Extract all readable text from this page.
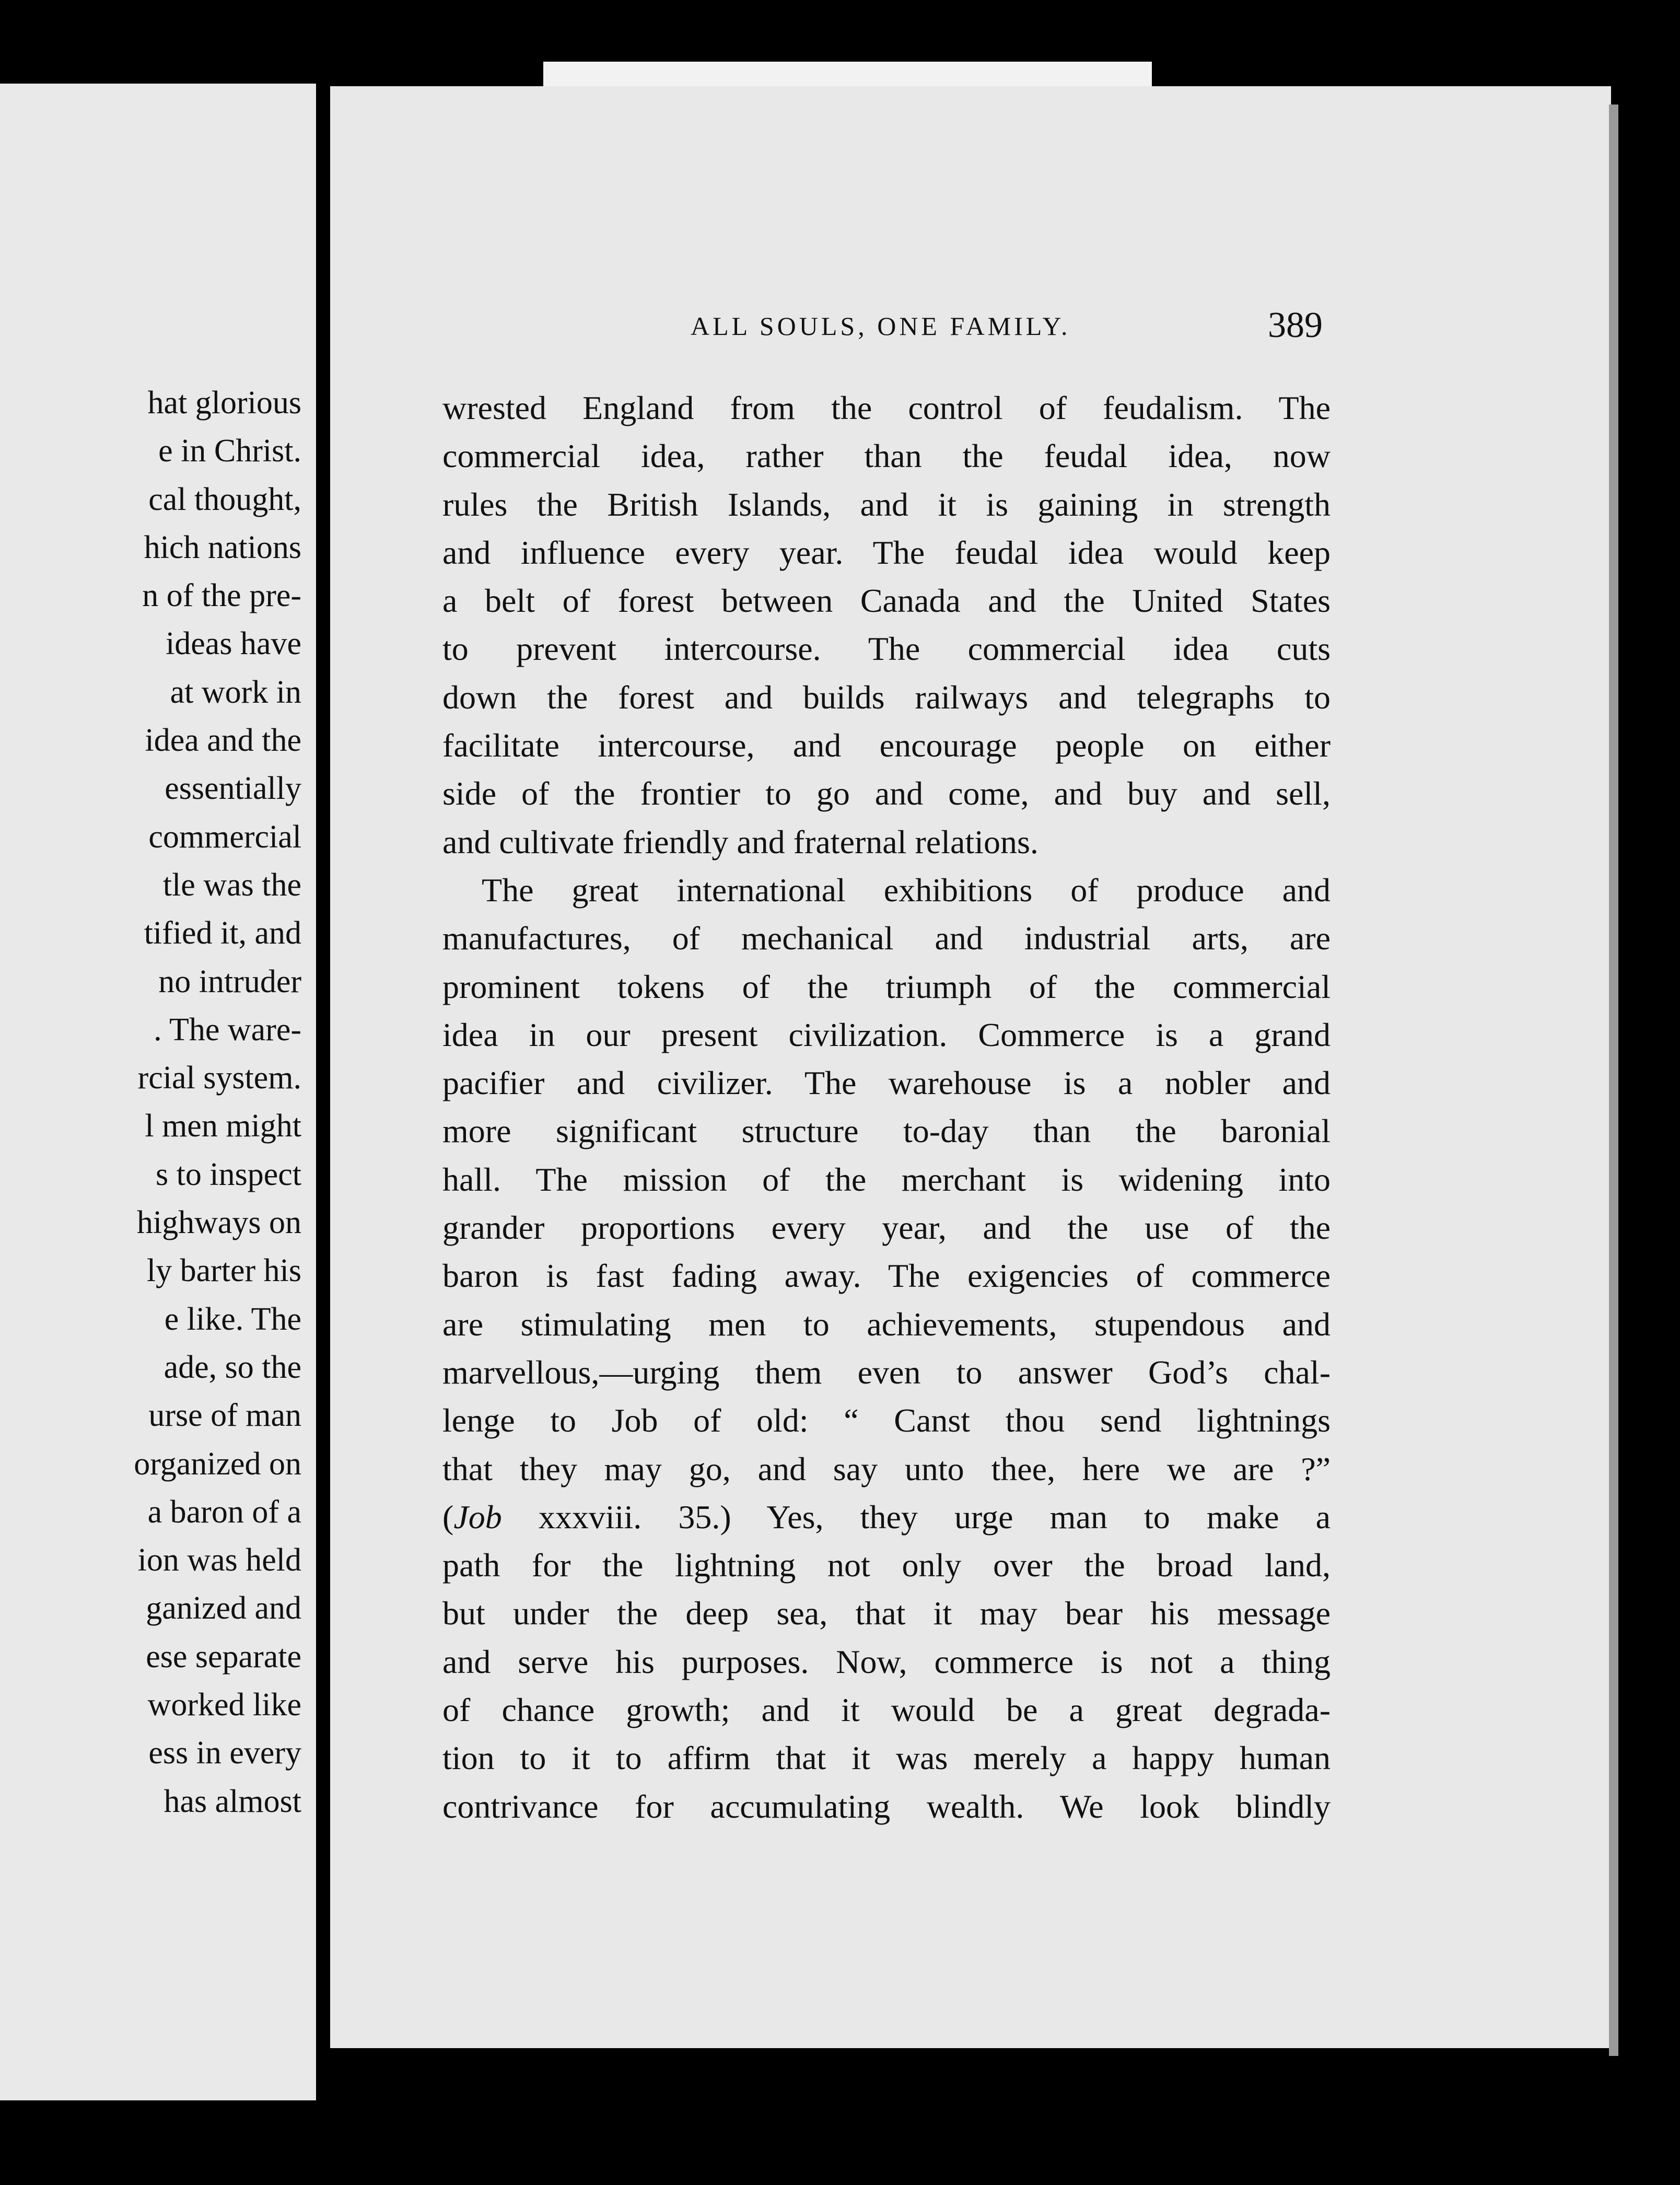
hat glorious
e in Christ.
cal thought,
hich nations
n of the pre-
ideas have
at work in
idea and the
essentially
commercial
tle was the
tified it, and
no intruder
. The ware-
rcial system.
l men might
s to inspect
highways on
ly barter his
e like. The
ade, so the
urse of man
organized on
a baron of a
ion was held
ganized and
ese separate
worked like
ess in every
has almost
ALL SOULS, ONE FAMILY.	389
wrested England from the control of feudalism. The
commercial idea, rather than the feudal idea, now
rules the British Islands, and it is gaining in strength
and influence every year. The feudal idea would keep
a belt of forest between Canada and the United States
to prevent intercourse. The commercial idea cuts
down the forest and builds railways and telegraphs to
facilitate intercourse, and encourage people on either
side of the frontier to go and come, and buy and sell,
and cultivate friendly and fraternal relations.
The great international exhibitions of produce and
manufactures, of mechanical and industrial arts, are
prominent tokens of the triumph of the commercial
idea in our present civilization. Commerce is a grand
pacifier and civilizer. The warehouse is a nobler and
more significant structure to-day than the baronial
hall. The mission of the merchant is widening into
grander proportions every year, and the use of the
baron is fast fading away. The exigencies of commerce
are stimulating men to achievements, stupendous and
marvellous,—urging them even to answer God’s chal-
lenge to Job of old: “ Canst thou send lightnings
that they may go, and say unto thee, here we are ?”
(Job xxxviii. 35.) Yes, they urge man to make a
path for the lightning not only over the broad land,
but under the deep sea, that it may bear his message
and serve his purposes. Now, commerce is not a thing
of chance growth; and it would be a great degrada-
tion to it to affirm that it was merely a happy human
contrivance for accumulating wealth. We look blindly
